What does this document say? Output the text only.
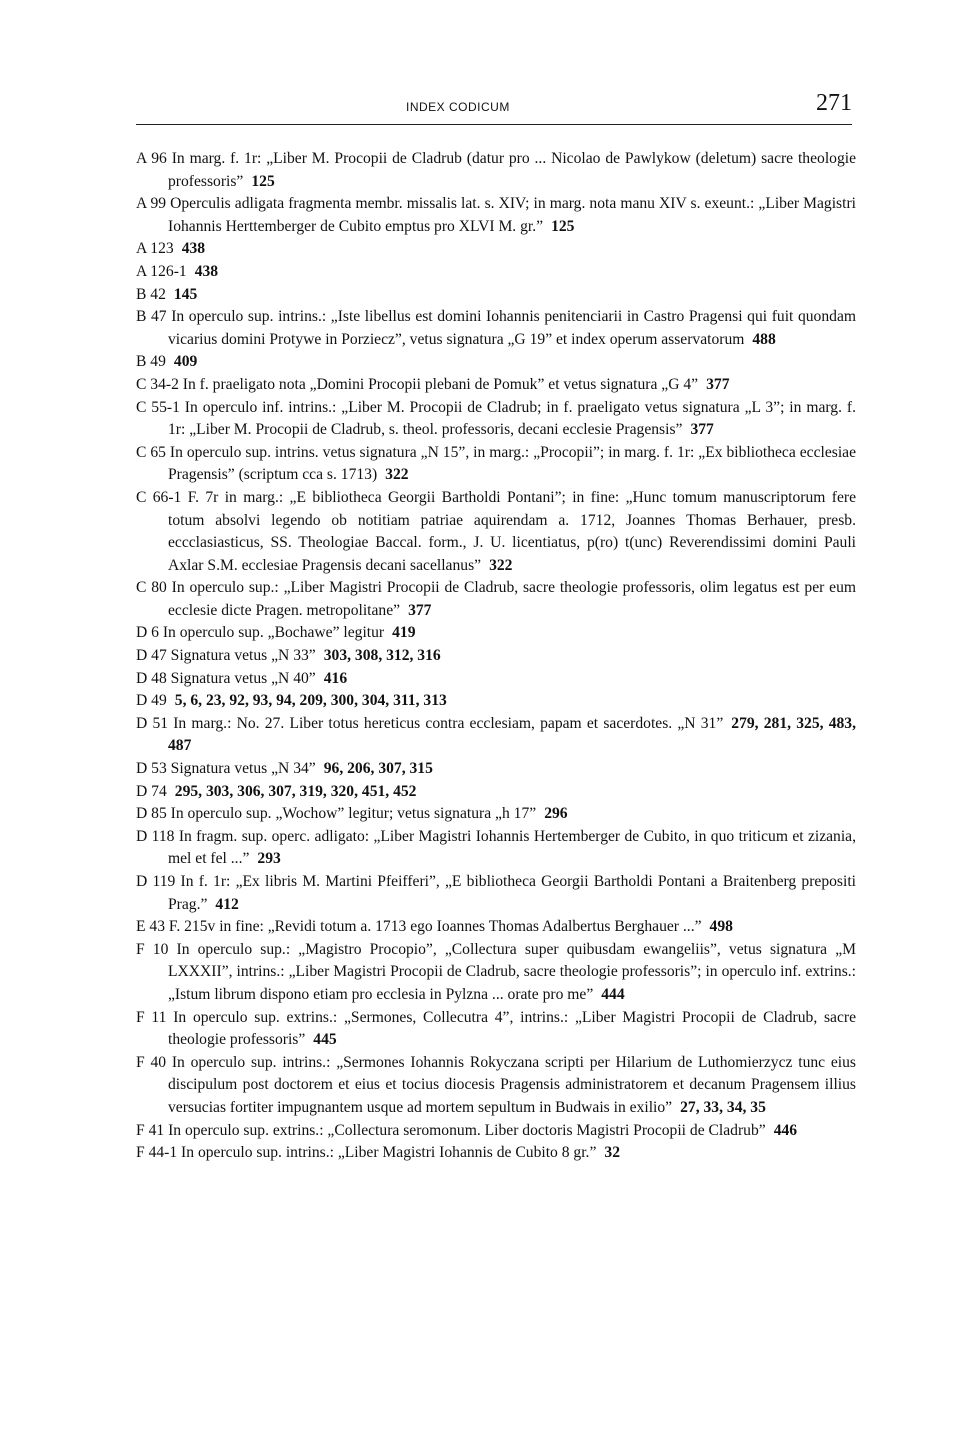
INDEX CODICUM	271

A 96 In marg. f. 1r: „Liber M. Procopii de Cladrub (datur pro ... Nicolao de Pawlykow (deletum) sacre theologie professoris” 125

A 99 Operculis adligata fragmenta membr. missalis lat. s. XIV; in marg. nota manu XIV s. exeunt.: „Liber Magistri Iohannis Herttemberger de Cubito emptus pro XLVI M. gr.” 125

A 123 438

A 126-1 438

B 42 145

B 47 In operculo sup. intrins.: „Iste libellus est domini Iohannis penitenciarii in Castro Pragensi qui fuit quondam vicarius domini Protywe in Porziecz”, vetus signatura „G 19” et index operum asservatorum 488

B 49 409

C 34-2 In f. praeligato nota „Domini Procopii plebani de Pomuk” et vetus signatura „G 4” 377

C 55-1 In operculo inf. intrins.: „Liber M. Procopii de Cladrub; in f. praeligato vetus signatura „L 3”; in marg. f. 1r: „Liber M. Procopii de Cladrub, s. theol. professoris, decani ecclesie Pragensis” 377

C 65 In operculo sup. intrins. vetus signatura „N 15”, in marg.: „Procopii”; in marg. f. 1r: „Ex bibliotheca ecclesiae Pragensis” (scriptum cca s. 1713) 322

C 66-1 F. 7r in marg.: „E bibliotheca Georgii Bartholdi Pontani”; in fine: „Hunc tomum manuscriptorum fere totum absolvi legendo ob notitiam patriae aquirendam a. 1712, Joannes Thomas Berhauer, presb. eccclasiasticus, SS. Theologiae Baccal. form., J. U. licentiatus, p(ro) t(unc) Reverendissimi domini Pauli Axlar S.M. ecclesiae Pragensis decani sacellanus” 322

C 80 In operculo sup.: „Liber Magistri Procopii de Cladrub, sacre theologie professoris, olim legatus est per eum ecclesie dicte Pragen. metropolitane” 377

D 6 In operculo sup. „Bochawe” legitur 419

D 47 Signatura vetus „N 33” 303, 308, 312, 316

D 48 Signatura vetus „N 40” 416

D 49 5, 6, 23, 92, 93, 94, 209, 300, 304, 311, 313

D 51 In marg.: No. 27. Liber totus hereticus contra ecclesiam, papam et sacerdotes. „N 31” 279, 281, 325, 483, 487

D 53 Signatura vetus „N 34” 96, 206, 307, 315

D 74 295, 303, 306, 307, 319, 320, 451, 452

D 85 In operculo sup. „Wochow” legitur; vetus signatura „h 17” 296

D 118 In fragm. sup. operc. adligato: „Liber Magistri Iohannis Hertemberger de Cubito, in quo triticum et zizania, mel et fel ...” 293

D 119 In f. 1r: „Ex libris M. Martini Pfeifferi”, „E bibliotheca Georgii Bartholdi Pontani a Braitenberg prepositi Prag.” 412

E 43 F. 215v in fine: „Revidi totum a. 1713 ego Ioannes Thomas Adalbertus Berghauer ...” 498

F 10 In operculo sup.: „Magistro Procopio”, „Collectura super quibusdam ewangeliis”, vetus signatura „M LXXXII”, intrins.: „Liber Magistri Procopii de Cladrub, sacre theologie professoris”; in operculo inf. extrins.: „Istum librum dispono etiam pro ecclesia in Pylzna ... orate pro me” 444

F 11 In operculo sup. extrins.: „Sermones, Collecutra 4”, intrins.: „Liber Magistri Procopii de Cladrub, sacre theologie professoris” 445

F 40 In operculo sup. intrins.: „Sermones Iohannis Rokyczana scripti per Hilarium de Luthomierzycz tunc eius discipulum post doctorem et eius et tocius diocesis Pragensis administratorem et decanum Pragensem illius versucias fortiter impugnantem usque ad mortem sepultum in Budwais in exilio” 27, 33, 34, 35

F 41 In operculo sup. extrins.: „Collectura seromonum. Liber doctoris Magistri Procopii de Cladrub” 446

F 44-1 In operculo sup. intrins.: „Liber Magistri Iohannis de Cubito 8 gr.” 32
